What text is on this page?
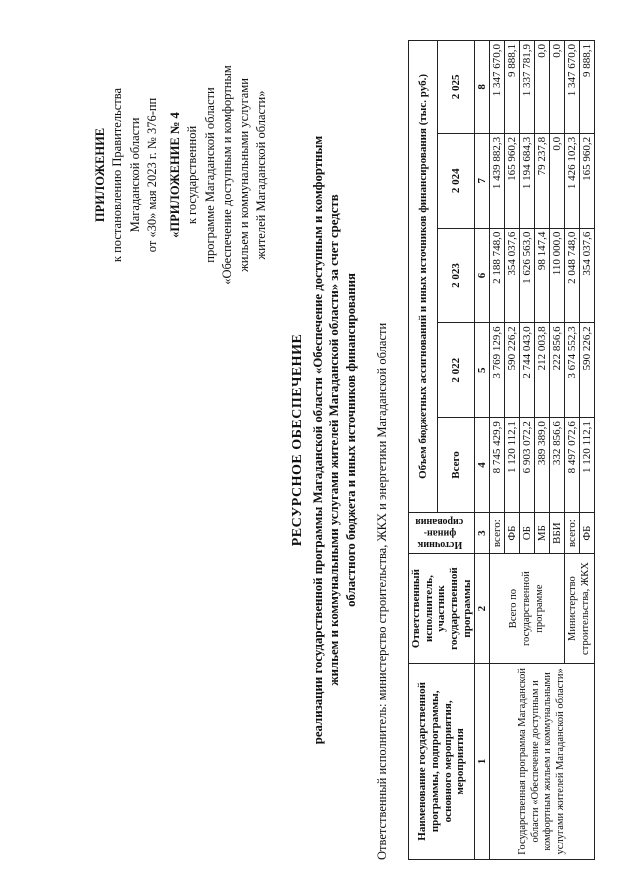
ПРИЛОЖЕНИЕ к постановлению Правительства Магаданской области от «30» мая 2023 г. № 376-пп «ПРИЛОЖЕНИЕ № 4 к государственной программе Магаданской области «Обеспечение доступным и комфортным жильем и коммунальными услугами жителей Магаданской области»
РЕСУРСНОЕ ОБЕСПЕЧЕНИЕ реализации государственной программы Магаданской области «Обеспечение доступным и комфортным жильем и коммунальными услугами жителей Магаданской области» за счет средств областного бюджета и иных источников финансирования Ответственный исполнитель: министерство строительства, ЖКХ и энергетики Магаданской области Наименование государственной программы, подпрограммы, основного мероприятия, мероприятия	Ответственный исполнитель, участник государственной программы	Источник финан-сирования	Объем бюджетных ассигнований и иных источников финансирования (тыс. руб.)				
			Всего	2 022	2 023	2 024	2 025
1	2	3	4	5	6	7	8
Государственная программа Магаданской области «Обеспечение доступным и комфортным жильем и коммунальными услугами жителей Магаданской области»	Всего по государственной программе	всего:	8 745 429,9	3 769 129,6	2 188 748,0	1 439 882,3	1 347 670,0
		ФБ	1 120 112,1	590 226,2	354 037,6	165 960,2	9 888,1
		ОБ	6 903 072,2	2 744 043,0	1 626 563,0	1 194 684,3	1 337 781,9
		МБ	389 389,0	212 003,8	98 147,4	79 237,8	0,0
		ВБИ	332 856,6	222 856,6	110 000,0	0,0	0,0
	Министерство строительства, ЖКХ	всего:	8 497 072,6	3 674 552,3	2 048 748,0	1 426 102,3	1 347 670,0
		ФБ	1 120 112,1	590 226,2	354 037,6	165 960,2	9 888,1
